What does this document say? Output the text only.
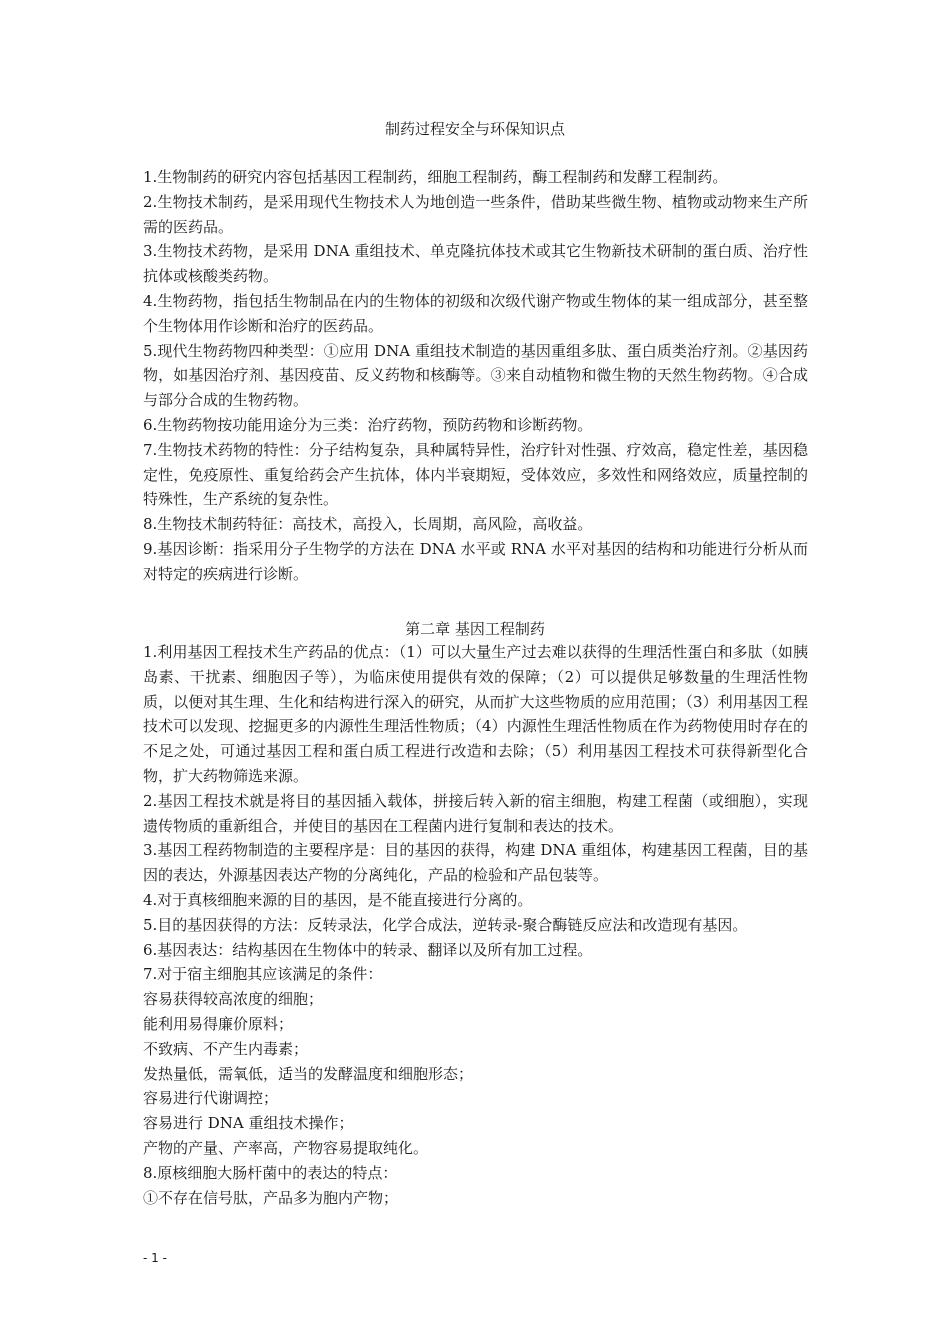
制药过程安全与环保知识点

1.生物制药的研究内容包括基因工程制药，细胞工程制药，酶工程制药和发酵工程制药。

2.生物技术制药，是采用现代生物技术人为地创造一些条件，借助某些微生物、植物或动物来生产所需的医药品。

3.生物技术药物，是采用 DNA 重组技术、单克隆抗体技术或其它生物新技术研制的蛋白质、治疗性抗体或核酸类药物。

4.生物药物，指包括生物制品在内的生物体的初级和次级代谢产物或生物体的某一组成部分，甚至整个生物体用作诊断和治疗的医药品。

5.现代生物药物四种类型：①应用 DNA 重组技术制造的基因重组多肽、蛋白质类治疗剂。②基因药物，如基因治疗剂、基因疫苗、反义药物和核酶等。③来自动植物和微生物的天然生物药物。④合成与部分合成的生物药物。

6.生物药物按功能用途分为三类：治疗药物，预防药物和诊断药物。

7.生物技术药物的特性：分子结构复杂，具种属特异性，治疗针对性强、疗效高，稳定性差，基因稳定性，免疫原性、重复给药会产生抗体，体内半衰期短，受体效应，多效性和网络效应，质量控制的特殊性，生产系统的复杂性。

8.生物技术制药特征：高技术，高投入，长周期，高风险，高收益。

9.基因诊断：指采用分子生物学的方法在 DNA 水平或 RNA 水平对基因的结构和功能进行分析从而对特定的疾病进行诊断。

第二章 基因工程制药

1.利用基因工程技术生产药品的优点：（1）可以大量生产过去难以获得的生理活性蛋白和多肽（如胰岛素、干扰素、细胞因子等），为临床使用提供有效的保障；（2）可以提供足够数量的生理活性物质，以便对其生理、生化和结构进行深入的研究，从而扩大这些物质的应用范围；（3）利用基因工程技术可以发现、挖掘更多的内源性生理活性物质；（4）内源性生理活性物质在作为药物使用时存在的不足之处，可通过基因工程和蛋白质工程进行改造和去除；（5）利用基因工程技术可获得新型化合物，扩大药物筛选来源。

2.基因工程技术就是将目的基因插入载体，拼接后转入新的宿主细胞，构建工程菌（或细胞），实现遗传物质的重新组合，并使目的基因在工程菌内进行复制和表达的技术。

3.基因工程药物制造的主要程序是：目的基因的获得，构建 DNA 重组体，构建基因工程菌，目的基因的表达，外源基因表达产物的分离纯化，产品的检验和产品包装等。

4.对于真核细胞来源的目的基因，是不能直接进行分离的。

5.目的基因获得的方法：反转录法，化学合成法，逆转录-聚合酶链反应法和改造现有基因。

6.基因表达：结构基因在生物体中的转录、翻译以及所有加工过程。

7.对于宿主细胞其应该满足的条件：

容易获得较高浓度的细胞；

能利用易得廉价原料；

不致病、不产生内毒素；

发热量低，需氧低，适当的发酵温度和细胞形态；

容易进行代谢调控；

容易进行 DNA 重组技术操作；

产物的产量、产率高，产物容易提取纯化。

8.原核细胞大肠杆菌中的表达的特点：

①不存在信号肽，产品多为胞内产物；

- 1 -
